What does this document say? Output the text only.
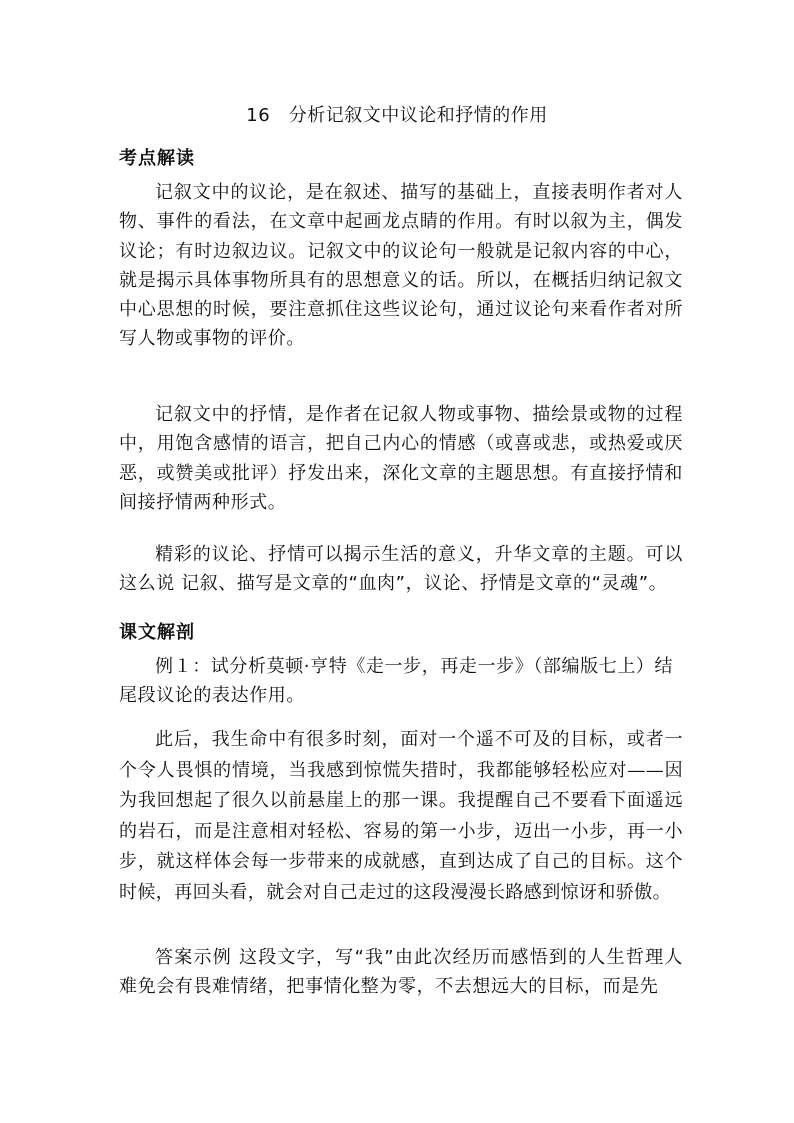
16　分析记叙文中议论和抒情的作用
考点解读

记叙文中的议论，是在叙述、描写的基础上，直接表明作者对人物、事件的看法，在文章中起画龙点睛的作用。有时以叙为主，偶发议论；有时边叙边议。记叙文中的议论句一般就是记叙内容的中心，就是揭示具体事物所具有的思想意义的话。所以，在概括归纳记叙文中心思想的时候，要注意抓住这些议论句，通过议论句来看作者对所写人物或事物的评价。

记叙文中的抒情，是作者在记叙人物或事物、描绘景或物的过程中，用饱含感情的语言，把自己内心的情感（或喜或悲，或热爱或厌恶，或赞美或批评）抒发出来，深化文章的主题思想。有直接抒情和间接抒情两种形式。

精彩的议论、抒情可以揭示生活的意义，升华文章的主题。可以这么说 记叙、描写是文章的“血肉”，议论、抒情是文章的“灵魂”。

课文解剖
例１：试分析莫顿·亨特《走一步，再走一步》（部编版七上）结尾段议论的表达作用。
此后，我生命中有很多时刻，面对一个遥不可及的目标，或者一个令人畏惧的情境，当我感到惊慌失措时，我都能够轻松应对——因为我回想起了很久以前悬崖上的那一课。我提醒自己不要看下面遥远的岩石，而是注意相对轻松、容易的第一小步，迈出一小步，再一小步，就这样体会每一步带来的成就感，直到达成了自己的目标。这个时候，再回头看，就会对自己走过的这段漫漫长路感到惊讶和骄傲。
答案示例 这段文字，写“我”由此次经历而感悟到的人生哲理人难免会有畏难情绪，把事情化整为零，不去想远大的目标，而是先
